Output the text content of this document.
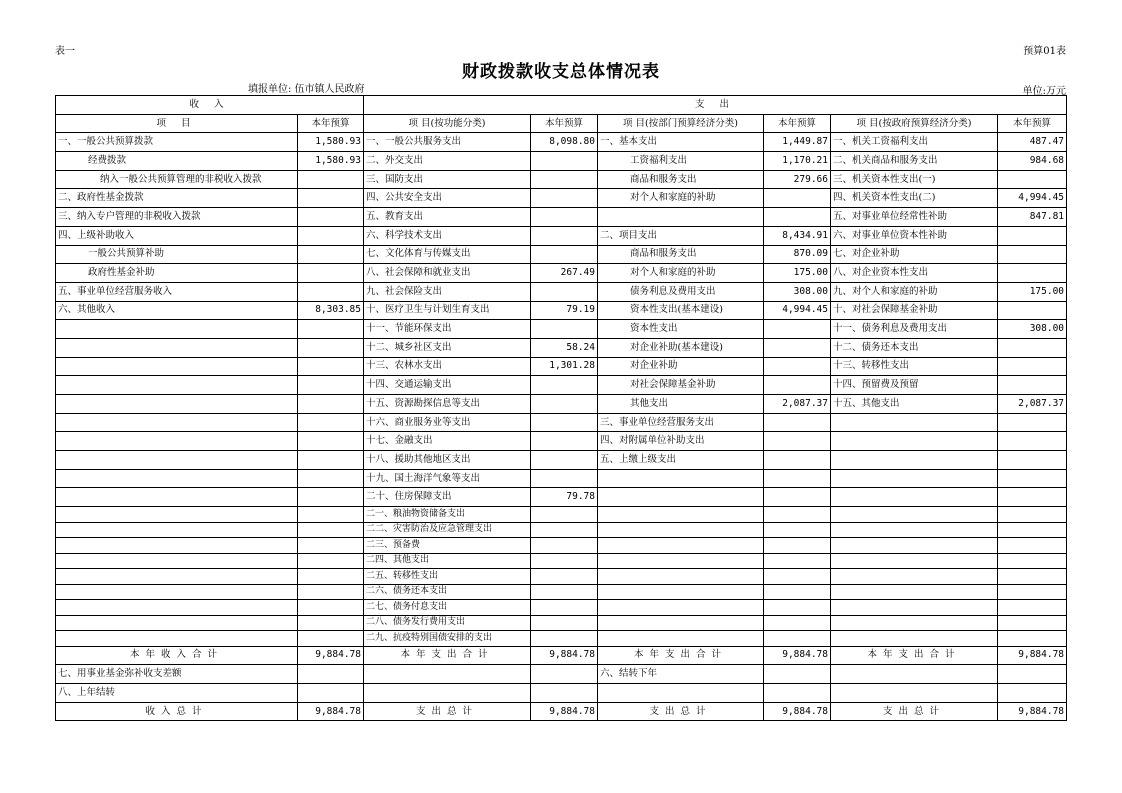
表一	预算01表
财政拨款收支总体情况表
填报单位: 伍市镇人民政府	单位:万元
收 入		支 出					
项 目	本年预算	项 目(按功能分类)	本年预算	项 目(按部门预算经济分类)	本年预算	项 目(按政府预算经济分类)	本年预算
一、一般公共预算拨款	1,580.93	一、一般公共服务支出	8,098.80	一、基本支出	1,449.87	一、机关工资福利支出	487.47
经费拨款	1,580.93	二、外交支出		工资福利支出	1,170.21	二、机关商品和服务支出	984.68
纳入一般公共预算管理的非税收入拨款		三、国防支出		商品和服务支出	279.66	三、机关资本性支出(一)	
二、政府性基金拨款		四、公共安全支出		对个人和家庭的补助		四、机关资本性支出(二)	4,994.45
三、纳入专户管理的非税收入拨款		五、教育支出				五、对事业单位经常性补助	847.81
四、上级补助收入		六、科学技术支出		二、项目支出	8,434.91	六、对事业单位资本性补助	
一般公共预算补助		七、文化体育与传媒支出		商品和服务支出	870.09	七、对企业补助	
政府性基金补助		八、社会保障和就业支出	267.49	对个人和家庭的补助	175.00	八、对企业资本性支出	
五、事业单位经营服务收入		九、社会保险支出		债务利息及费用支出	308.00	九、对个人和家庭的补助	175.00
六、其他收入	8,303.85	十、医疗卫生与计划生育支出	79.19	资本性支出(基本建设)	4,994.45	十、对社会保障基金补助	
		十一、节能环保支出		资本性支出		十一、债务利息及费用支出	308.00
		十二、城乡社区支出	58.24	对企业补助(基本建设)		十二、债务还本支出	
		十三、农林水支出	1,301.28	对企业补助		十三、转移性支出	
		十四、交通运输支出		对社会保障基金补助		十四、预留费及预留	
		十五、资源勘探信息等支出		其他支出	2,087.37	十五、其他支出	2,087.37
		十六、商业服务业等支出		三、事业单位经营服务支出			
		十七、金融支出		四、对附属单位补助支出			
		十八、援助其他地区支出		五、上缴上级支出			
		十九、国土海洋气象等支出					
		二十、住房保障支出	79.78				
		二一、粮油物资储备支出					
		二二、灾害防治及应急管理支出					
		二三、预备费					
		二四、其他支出					
		二五、转移性支出					
		二六、债务还本支出					
		二七、债务付息支出					
		二八、债务发行费用支出					
		二九、抗疫特别国债安排的支出					
本年收入合计	9,884.78	本年支出合计	9,884.78	本年支出合计	9,884.78	本年支出合计	9,884.78
七、用事业基金弥补收支差额				六、结转下年			
八、上年结转							
收入总计	9,884.78	支出总计	9,884.78	支出总计	9,884.78	支出总计	9,884.78
